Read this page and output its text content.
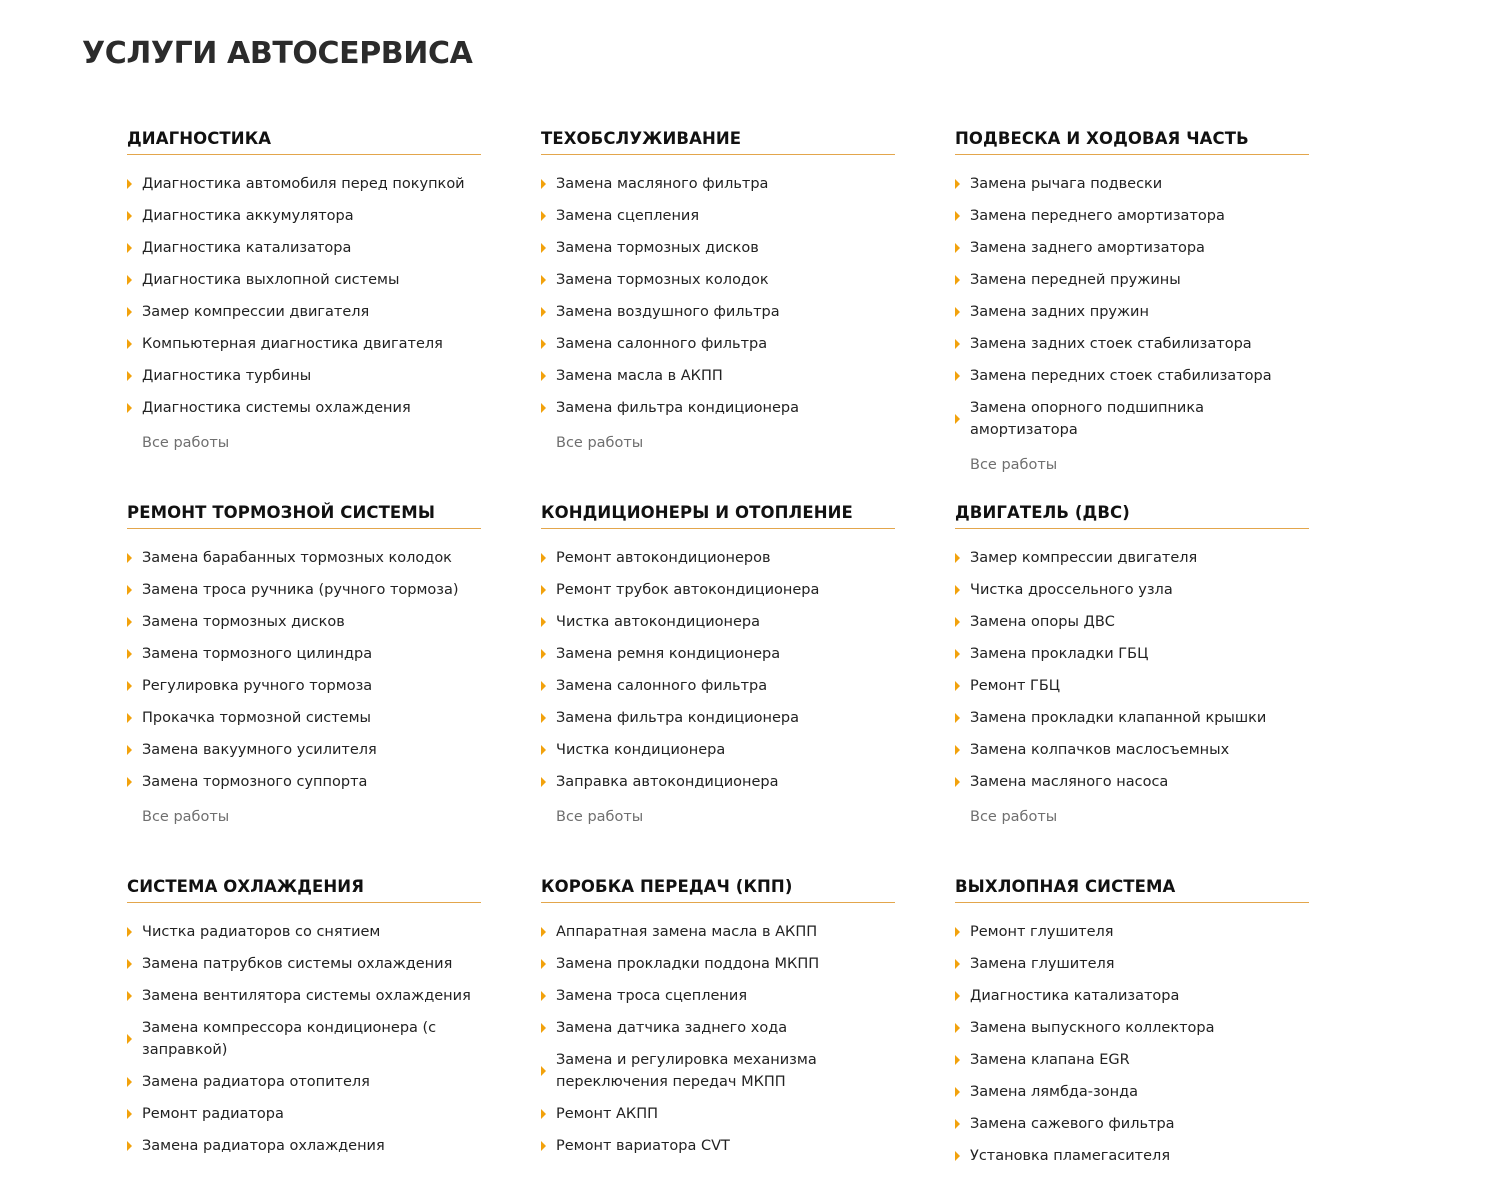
УСЛУГИ АВТОСЕРВИСА
ДИАГНОСТИКА
Диагностика автомобиля перед покупкой
Диагностика аккумулятора
Диагностика катализатора
Диагностика выхлопной системы
Замер компрессии двигателя
Компьютерная диагностика двигателя
Диагностика турбины
Диагностика системы охлаждения
Все работы
ТЕХОБСЛУЖИВАНИЕ
Замена масляного фильтра
Замена сцепления
Замена тормозных дисков
Замена тормозных колодок
Замена воздушного фильтра
Замена салонного фильтра
Замена масла в АКПП
Замена фильтра кондиционера
Все работы
ПОДВЕСКА И ХОДОВАЯ ЧАСТЬ
Замена рычага подвески
Замена переднего амортизатора
Замена заднего амортизатора
Замена передней пружины
Замена задних пружин
Замена задних стоек стабилизатора
Замена передних стоек стабилизатора
Замена опорного подшипника амортизатора
Все работы
РЕМОНТ ТОРМОЗНОЙ СИСТЕМЫ
Замена барабанных тормозных колодок
Замена троса ручника (ручного тормоза)
Замена тормозных дисков
Замена тормозного цилиндра
Регулировка ручного тормоза
Прокачка тормозной системы
Замена вакуумного усилителя
Замена тормозного суппорта
Все работы
КОНДИЦИОНЕРЫ И ОТОПЛЕНИЕ
Ремонт автокондиционеров
Ремонт трубок автокондиционера
Чистка автокондиционера
Замена ремня кондиционера
Замена салонного фильтра
Замена фильтра кондиционера
Чистка кондиционера
Заправка автокондиционера
Все работы
ДВИГАТЕЛЬ (ДВС)
Замер компрессии двигателя
Чистка дроссельного узла
Замена опоры ДВС
Замена прокладки ГБЦ
Ремонт ГБЦ
Замена прокладки клапанной крышки
Замена колпачков маслосъемных
Замена масляного насоса
Все работы
СИСТЕМА ОХЛАЖДЕНИЯ
Чистка радиаторов со снятием
Замена патрубков системы охлаждения
Замена вентилятора системы охлаждения
Замена компрессора кондиционера (с заправкой)
Замена радиатора отопителя
Ремонт радиатора
Замена радиатора охлаждения
КОРОБКА ПЕРЕДАЧ (КПП)
Аппаратная замена масла в АКПП
Замена прокладки поддона МКПП
Замена троса сцепления
Замена датчика заднего хода
Замена и регулировка механизма переключения передач МКПП
Ремонт АКПП
Ремонт вариатора CVT
ВЫХЛОПНАЯ СИСТЕМА
Ремонт глушителя
Замена глушителя
Диагностика катализатора
Замена выпускного коллектора
Замена клапана EGR
Замена лямбда-зонда
Замена сажевого фильтра
Установка пламегасителя
